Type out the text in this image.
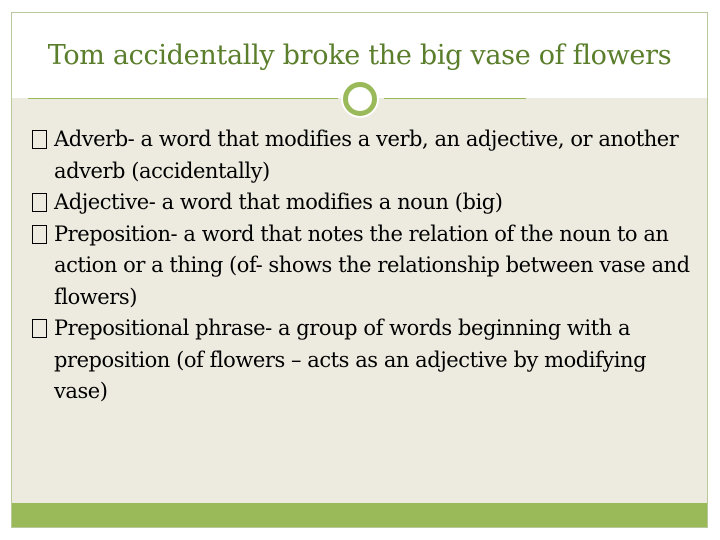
Tom accidentally broke the big vase of flowers
Adverb- a word that modifies a verb, an adjective, or another adverb (accidentally)
Adjective- a word that modifies a noun (big)
Preposition- a word that notes the relation of the noun to an action or a thing (of- shows the relationship between vase and flowers)
Prepositional phrase- a group of words beginning with a preposition (of flowers – acts as an adjective by modifying vase)
